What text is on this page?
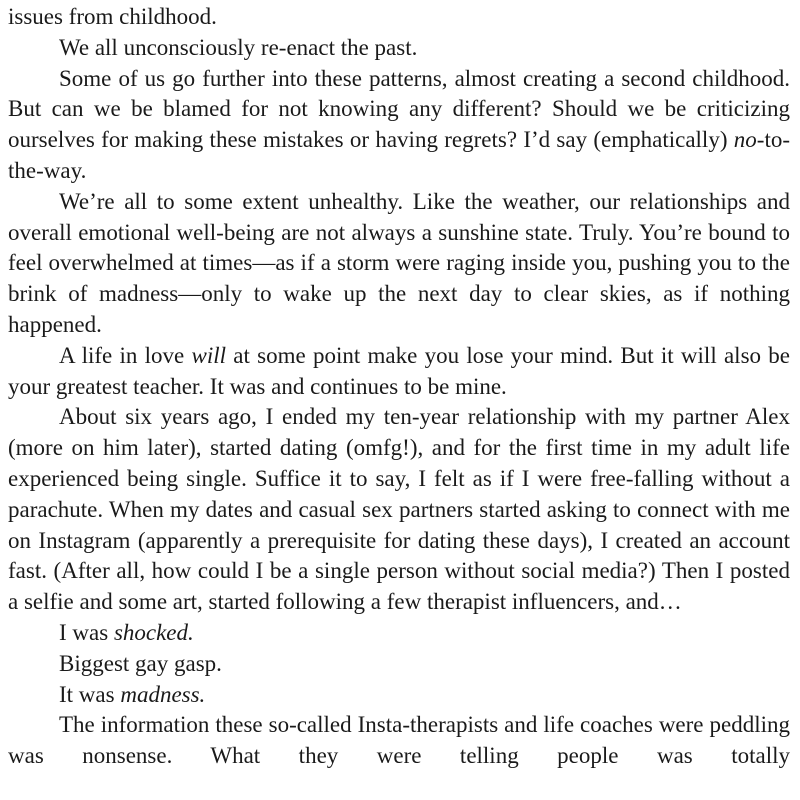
issues from childhood.

We all unconsciously re-enact the past.

Some of us go further into these patterns, almost creating a second childhood. But can we be blamed for not knowing any different? Should we be criticizing ourselves for making these mistakes or having regrets? I’d say (emphatically) no-to-the-way.

We’re all to some extent unhealthy. Like the weather, our relationships and overall emotional well-being are not always a sunshine state. Truly. You’re bound to feel overwhelmed at times—as if a storm were raging inside you, pushing you to the brink of madness—only to wake up the next day to clear skies, as if nothing happened.

A life in love will at some point make you lose your mind. But it will also be your greatest teacher. It was and continues to be mine.

About six years ago, I ended my ten-year relationship with my partner Alex (more on him later), started dating (omfg!), and for the first time in my adult life experienced being single. Suffice it to say, I felt as if I were free-falling without a parachute. When my dates and casual sex partners started asking to connect with me on Instagram (apparently a prerequisite for dating these days), I created an account fast. (After all, how could I be a single person without social media?) Then I posted a selfie and some art, started following a few therapist influencers, and…

I was shocked.

Biggest gay gasp.

It was madness.

The information these so-called Insta-therapists and life coaches were peddling was nonsense. What they were telling people was totally
